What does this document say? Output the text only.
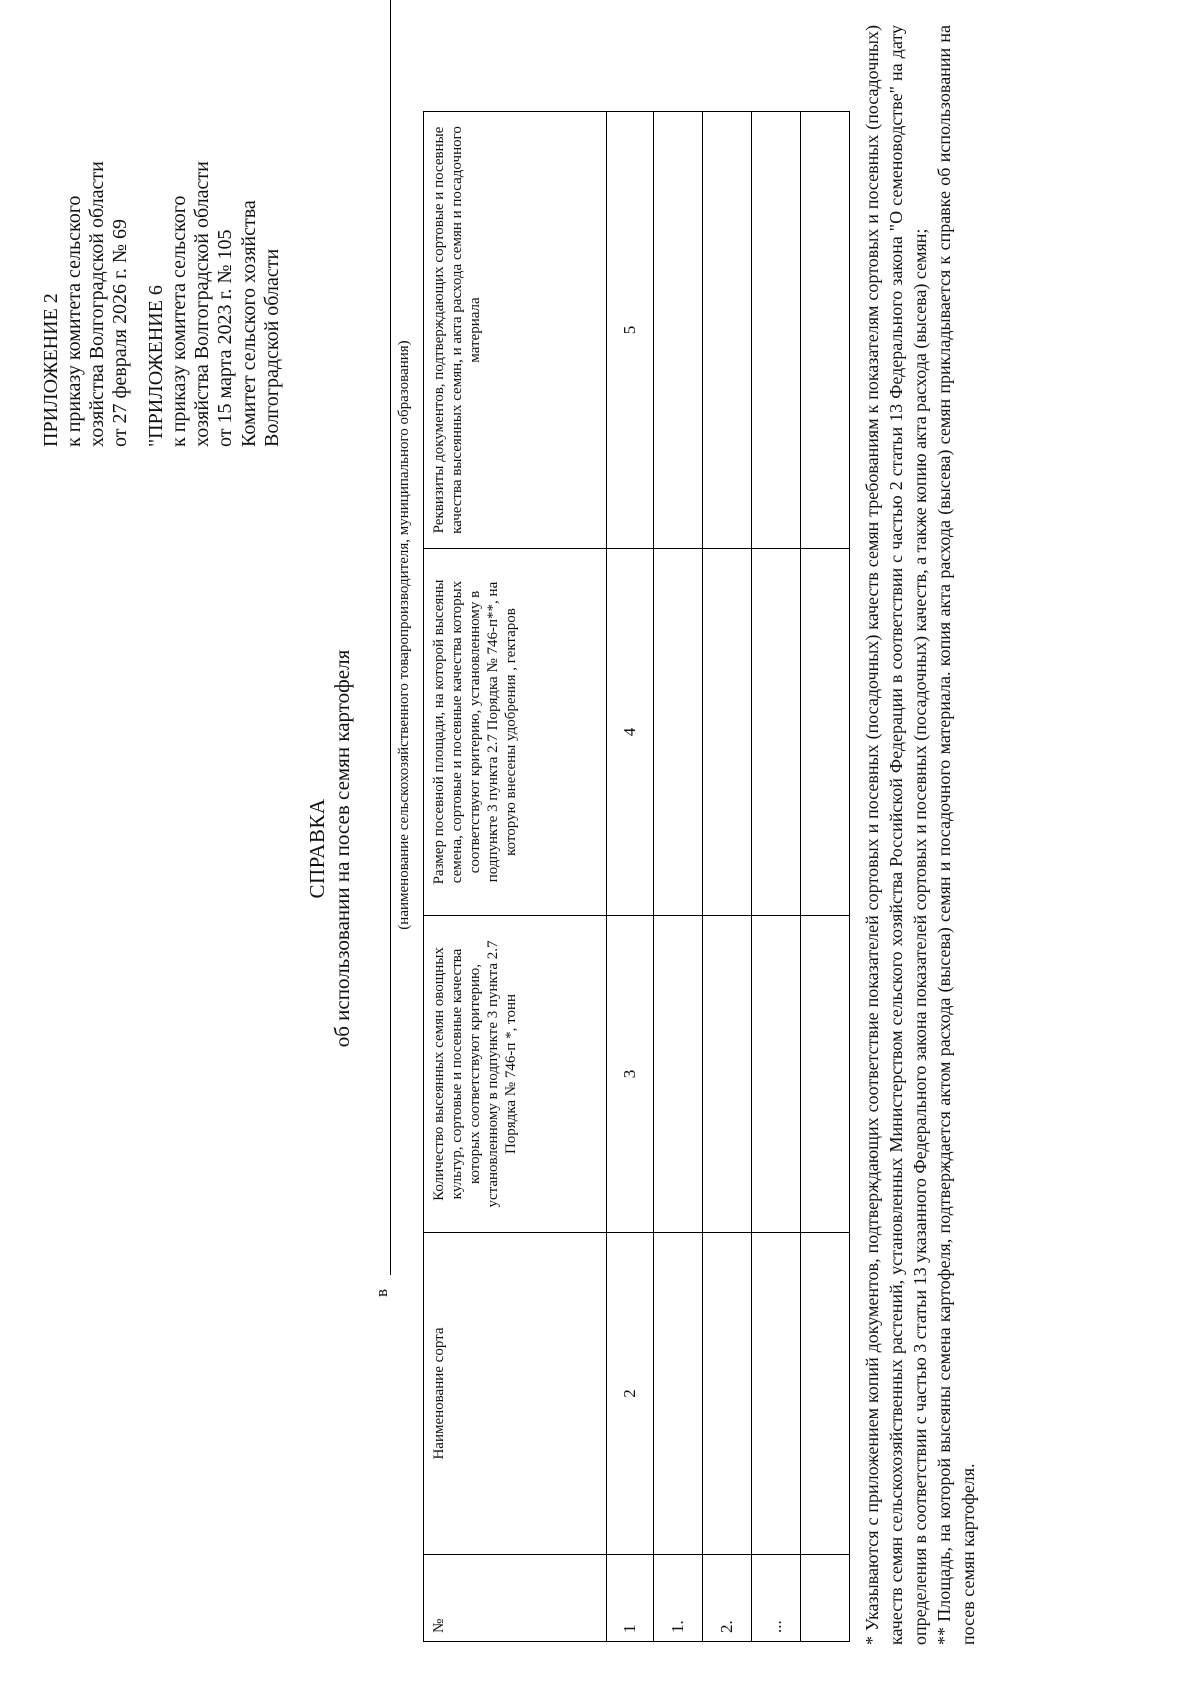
ПРИЛОЖЕНИЕ 2 к приказу комитета сельского хозяйства Волгоградской области от 27 февраля 2026 г. № 69 "ПРИЛОЖЕНИЕ 6 к приказу комитета сельского хозяйства Волгоградской области от 15 марта 2023 г. № 105 Комитет сельского хозяйства Волгоградской области
СПРАВКА об использовании на посев семян картофеля
в
(наименование сельскохозяйственного товаропроизводителя, муниципального образования)
№	Наименование сорта	Количество высеянных семян овощных культур, сортовые и посевные качества которых соответствуют критерию, установленному в подпункте 3 пункта 2.7 Порядка № 746-п *, тонн	Размер посевной площади, на которой высеяны семена, сортовые и посевные качества которых соответствуют критерию, установленному в подпункте 3 пункта 2.7 Порядка № 746-п**, на которую внесены удобрения , гектаров	Реквизиты документов, подтверждающих сортовые и посевные качества высеянных семян, и акта расхода семян и посадочного материала
1	2	3	4	5
1.				
2.				
...				
					* Указываются с приложением копий документов, подтверждающих соответствие показателей сортовых и посевных (посадочных) качеств семян требованиям к показателям сортовых и посевных (посадочных) качеств семян сельскохозяйственных растений, установленных Министерством сельского хозяйства Российской Федерации в соответствии с частью 2 статьи 13 Федерального закона "О семеноводстве" на дату определения в соответствии с частью 3 статьи 13 указанного Федерального закона показателей сортовых и посевных (посадочных) качеств, а также копию акта расхода (высева) семян; ** Площадь, на которой высеяны семена картофеля, подтверждается актом расхода (высева) семян и посадочного материала. копия акта расхода (высева) семян прикладывается к справке об использовании на посев семян картофеля.
